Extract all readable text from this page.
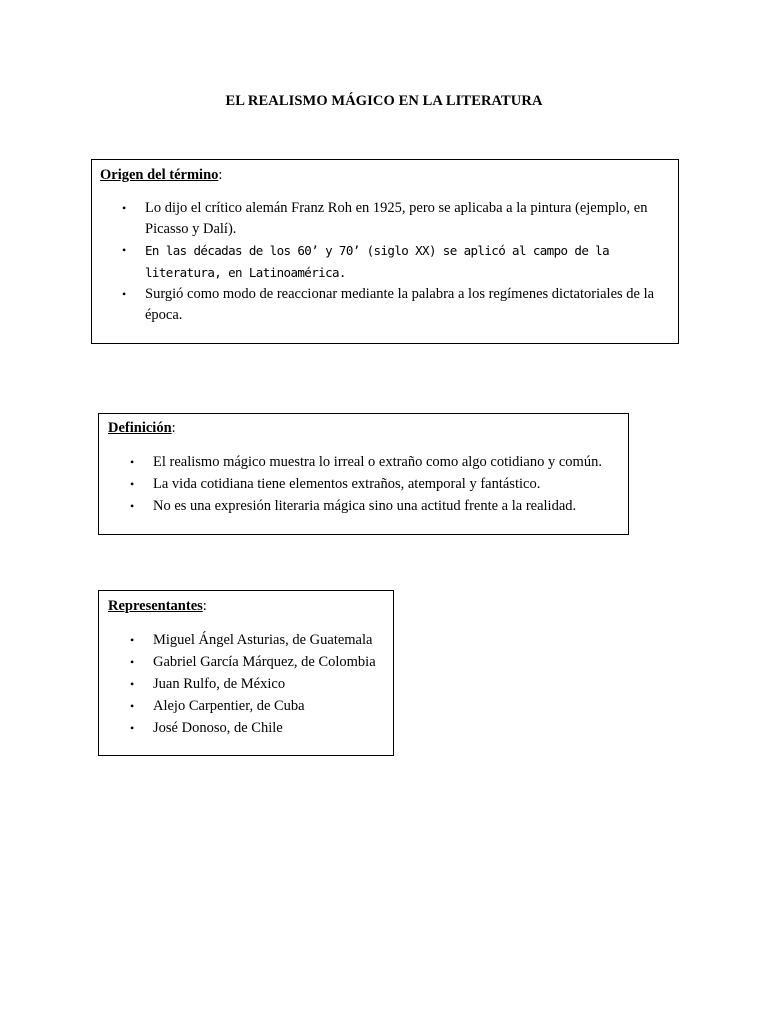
EL REALISMO MÁGICO EN LA LITERATURA
Origen del término:
• Lo dijo el crítico alemán Franz Roh en 1925, pero se aplicaba a la pintura (ejemplo, en Picasso y Dalí).
• En las décadas de los 60’ y 70’ (siglo XX) se aplicó al campo de la literatura, en Latinoamérica.
• Surgió como modo de reaccionar mediante la palabra a los regímenes dictatoriales de la época.
Definición:
• El realismo mágico muestra lo irreal o extraño como algo cotidiano y común.
• La vida cotidiana tiene elementos extraños, atemporal y fantástico.
• No es una expresión literaria mágica sino una actitud frente a la realidad.
Representantes:
• Miguel Ángel Asturias, de Guatemala
• Gabriel García Márquez, de Colombia
• Juan Rulfo, de México
• Alejo Carpentier, de Cuba
• José Donoso, de Chile
